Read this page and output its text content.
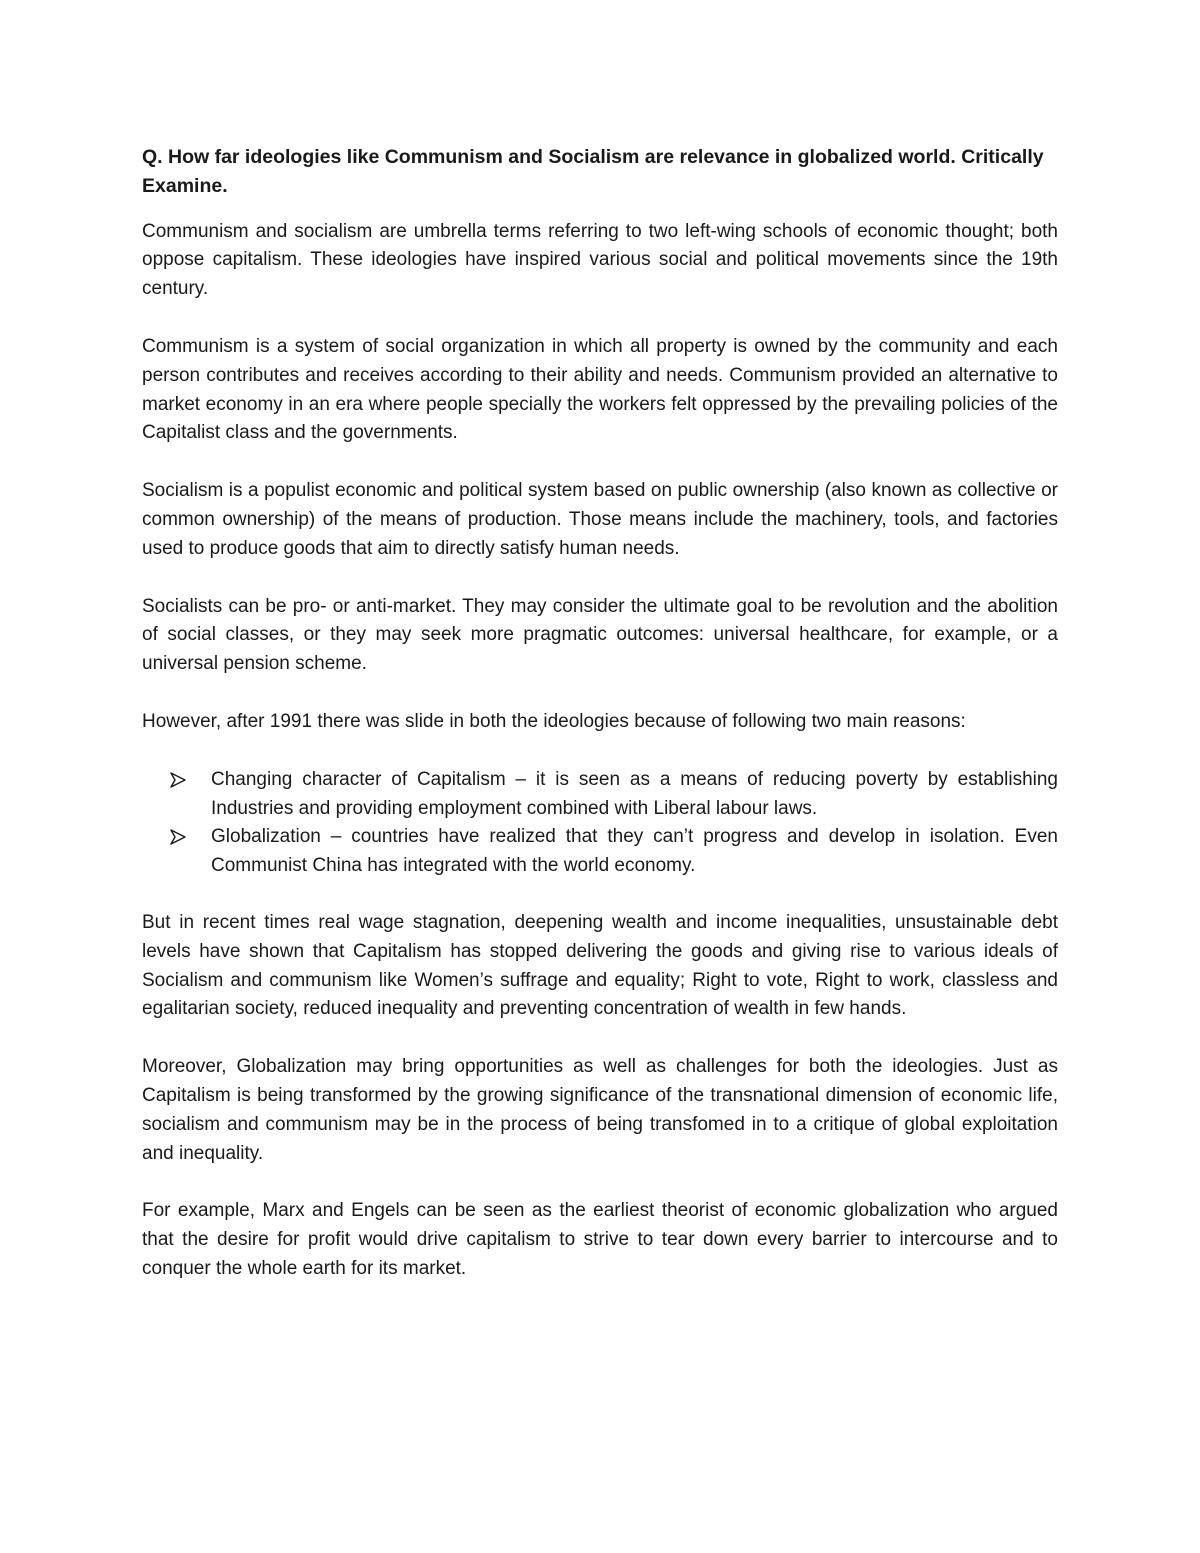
Q. How far ideologies like Communism and Socialism are relevance in globalized world. Critically Examine.

Communism and socialism are umbrella terms referring to two left-wing schools of economic thought; both oppose capitalism. These ideologies have inspired various social and political movements since the 19th century.

Communism is a system of social organization in which all property is owned by the community and each person contributes and receives according to their ability and needs. Communism provided an alternative to market economy in an era where people specially the workers felt oppressed by the prevailing policies of the Capitalist class and the governments.

Socialism is a populist economic and political system based on public ownership (also known as collective or common ownership) of the means of production. Those means include the machinery, tools, and factories used to produce goods that aim to directly satisfy human needs.

Socialists can be pro- or anti-market. They may consider the ultimate goal to be revolution and the abolition of social classes, or they may seek more pragmatic outcomes: universal healthcare, for example, or a universal pension scheme.

However, after 1991 there was slide in both the ideologies because of following two main reasons:

Changing character of Capitalism – it is seen as a means of reducing poverty by establishing Industries and providing employment combined with Liberal labour laws.
Globalization – countries have realized that they can’t progress and develop in isolation. Even Communist China has integrated with the world economy.

But in recent times real wage stagnation, deepening wealth and income inequalities, unsustainable debt levels have shown that Capitalism has stopped delivering the goods and giving rise to various ideals of Socialism and communism like Women’s suffrage and equality; Right to vote, Right to work, classless and egalitarian society, reduced inequality and preventing concentration of wealth in few hands.

Moreover, Globalization may bring opportunities as well as challenges for both the ideologies. Just as Capitalism is being transformed by the growing significance of the transnational dimension of economic life, socialism and communism may be in the process of being transfomed in to a critique of global exploitation and inequality.

For example, Marx and Engels can be seen as the earliest theorist of economic globalization who argued that the desire for profit would drive capitalism to strive to tear down every barrier to intercourse and to conquer the whole earth for its market.
